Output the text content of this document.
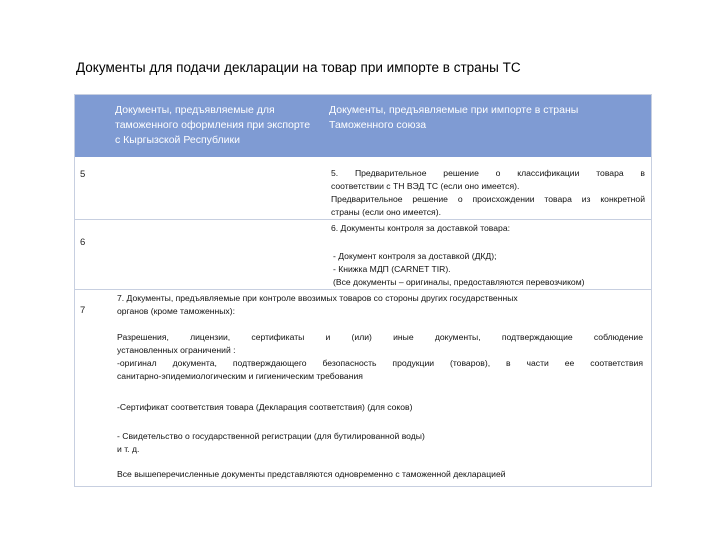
Документы для подачи декларации на товар при импорте в страны ТС
Документы, предъявляемые для таможенного оформления при экспорте с Кыргызской Республики
Документы, предъявляемые при импорте в страны Таможенного союза
5	5. Предварительное решение о классификации товара в
соответствии с ТН ВЭД ТС (если оно имеется).
Предварительное решение о происхождении товара из конкретной
страны (если оно имеется).
6. Документы контроля за доставкой товара:
6
- Документ контроля за доставкой (ДКД);
- Книжка МДП (CARNET TIR).
(Все документы – оригиналы, предоставляются перевозчиком)
7. Документы, предъявляемые при контроле ввозимых товаров со стороны других государственных
7	органов (кроме таможенных):
Разрешения, лицензии, сертификаты и (или) иные документы, подтверждающие соблюдение
установленных ограничений :
-оригинал документа, подтверждающего безопасность продукции (товаров), в части ее соответствия
санитарно-эпидемиологическим и гигиеническим требования
-Сертификат соответствия товара (Декларация соответствия) (для соков)
- Свидетельство о государственной регистрации (для бутилированной воды)
и т. д.
Все вышеперечисленные документы представляются одновременно с таможенной декларацией
